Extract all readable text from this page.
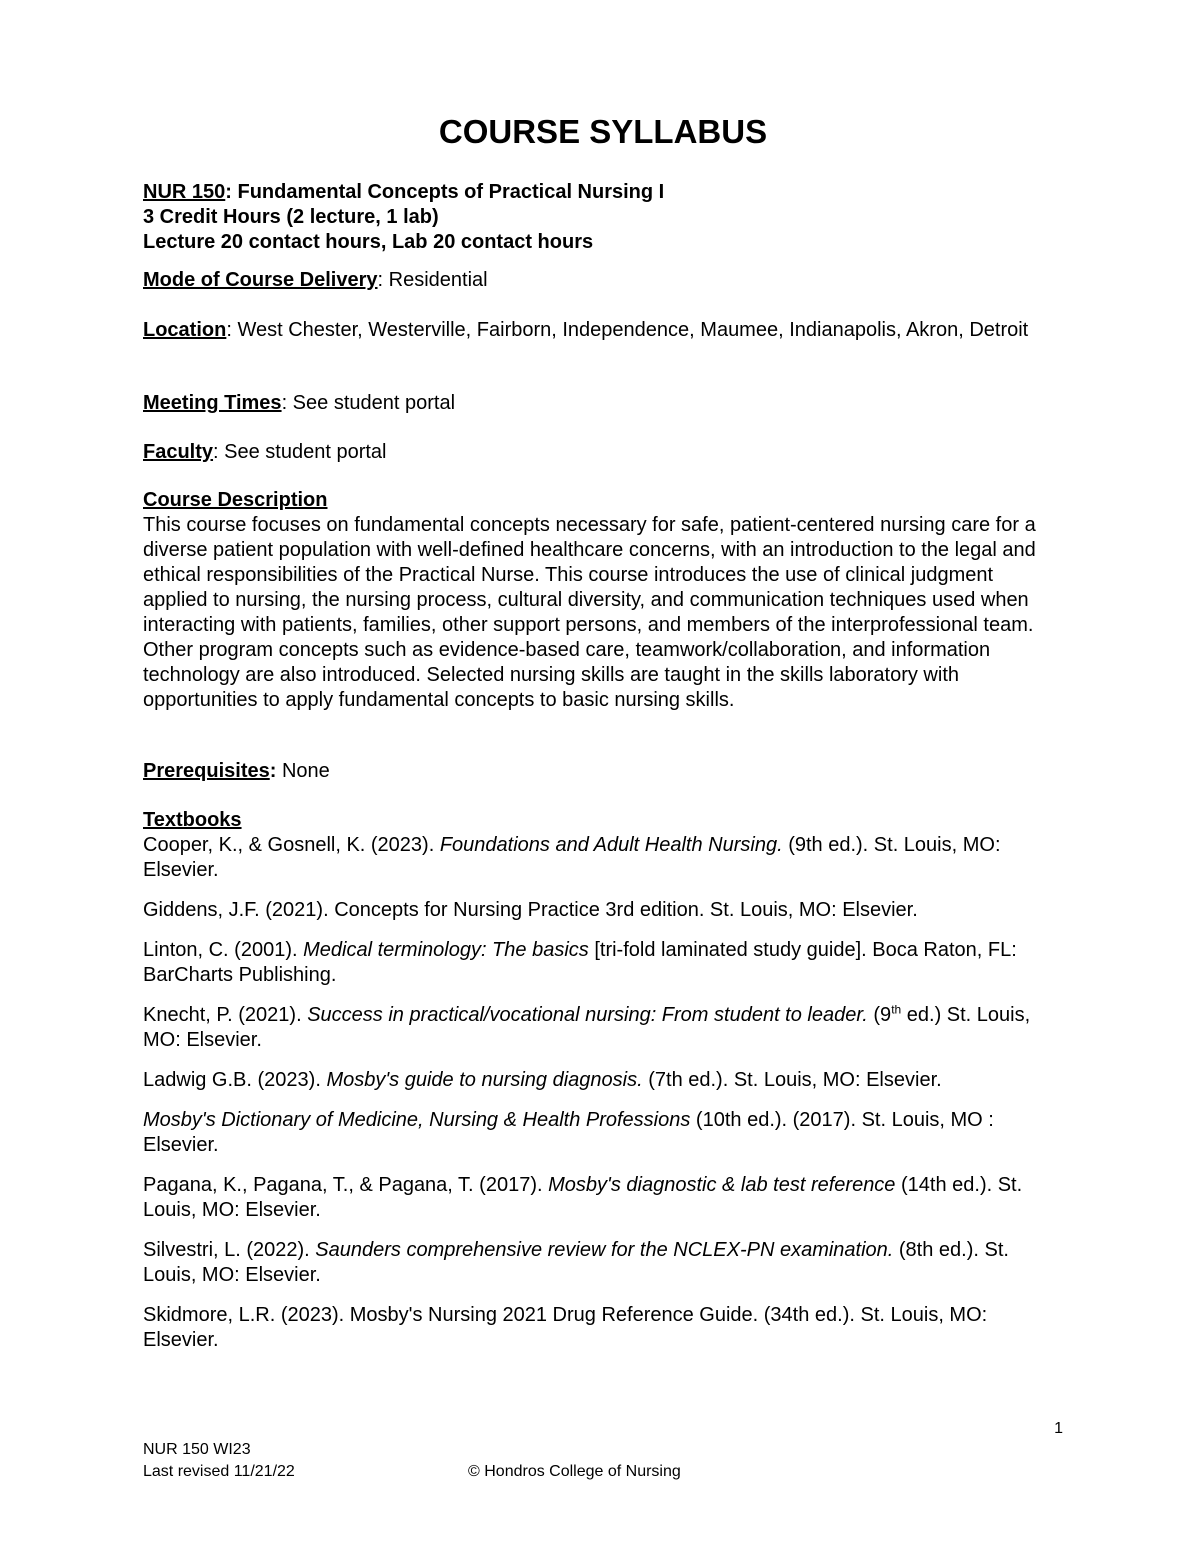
COURSE SYLLABUS
NUR 150: Fundamental Concepts of Practical Nursing I
3 Credit Hours (2 lecture, 1 lab)
Lecture 20 contact hours, Lab 20 contact hours
Mode of Course Delivery: Residential
Location: West Chester, Westerville, Fairborn, Independence, Maumee, Indianapolis, Akron, Detroit
Meeting Times: See student portal
Faculty: See student portal

Course Description

This course focuses on fundamental concepts necessary for safe, patient-centered nursing care for a diverse patient population with well-defined healthcare concerns, with an introduction to the legal and ethical responsibilities of the Practical Nurse. This course introduces the use of clinical judgment applied to nursing, the nursing process, cultural diversity, and communication techniques used when interacting with patients, families, other support persons, and members of the interprofessional team. Other program concepts such as evidence-based care, teamwork/collaboration, and information technology are also introduced. Selected nursing skills are taught in the skills laboratory with opportunities to apply fundamental concepts to basic nursing skills.

Prerequisites: None
Textbooks

Cooper, K., & Gosnell, K. (2023). Foundations and Adult Health Nursing. (9th ed.). St. Louis, MO: Elsevier.

Giddens, J.F. (2021). Concepts for Nursing Practice 3rd edition. St. Louis, MO: Elsevier.

Linton, C. (2001). Medical terminology: The basics [tri-fold laminated study guide]. Boca Raton, FL: BarCharts Publishing.

Knecht, P. (2021). Success in practical/vocational nursing: From student to leader. (9th ed.) St. Louis, MO: Elsevier.

Ladwig G.B. (2023). Mosby's guide to nursing diagnosis. (7th ed.). St. Louis, MO: Elsevier.

Mosby's Dictionary of Medicine, Nursing & Health Professions (10th ed.). (2017). St. Louis, MO : Elsevier.

Pagana, K., Pagana, T., & Pagana, T. (2017). Mosby's diagnostic & lab test reference (14th ed.). St. Louis, MO: Elsevier.

Silvestri, L. (2022). Saunders comprehensive review for the NCLEX-PN examination. (8th ed.). St. Louis, MO: Elsevier.

Skidmore, L.R. (2023). Mosby's Nursing 2021 Drug Reference Guide. (34th ed.). St. Louis, MO: Elsevier.

1
NUR 150 WI23
Last revised 11/21/22	© Hondros College of Nursing
